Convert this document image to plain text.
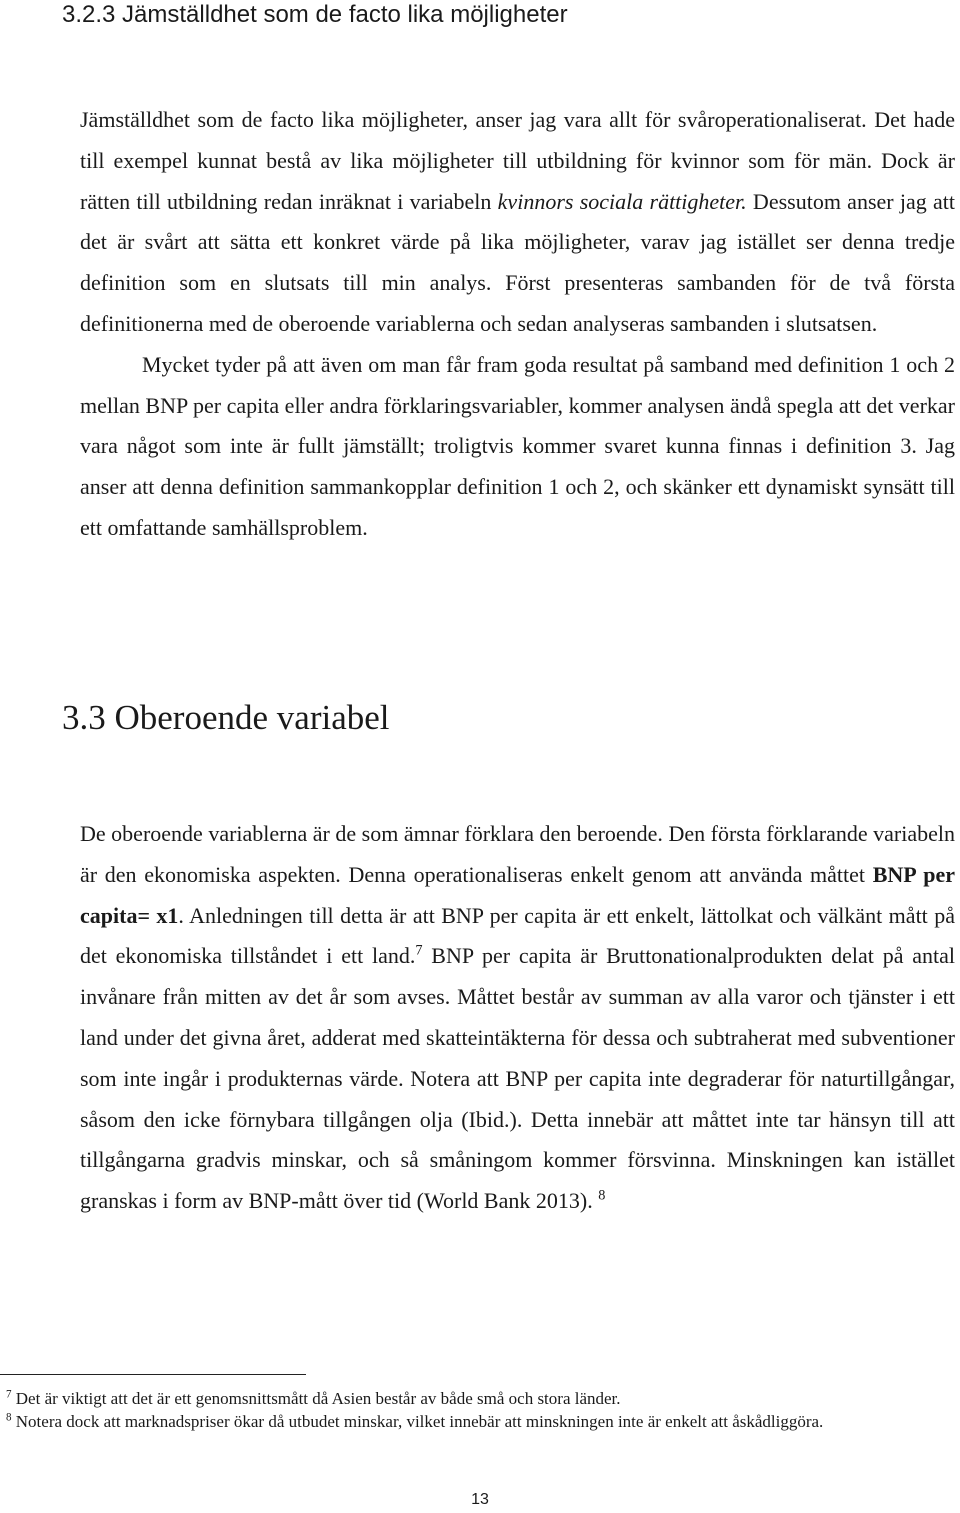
3.2.3 Jämställdhet som de facto lika möjligheter

Jämställdhet som de facto lika möjligheter, anser jag vara allt för svåroperationaliserat. Det hade till exempel kunnat bestå av lika möjligheter till utbildning för kvinnor som för män. Dock är rätten till utbildning redan inräknat i variabeln kvinnors sociala rättigheter. Dessutom anser jag att det är svårt att sätta ett konkret värde på lika möjligheter, varav jag istället ser denna tredje definition som en slutsats till min analys. Först presenteras sambanden för de två första definitionerna med de oberoende variablerna och sedan analyseras sambanden i slutsatsen.
Mycket tyder på att även om man får fram goda resultat på samband med definition 1 och 2 mellan BNP per capita eller andra förklaringsvariabler, kommer analysen ändå spegla att det verkar vara något som inte är fullt jämställt; troligtvis kommer svaret kunna finnas i definition 3. Jag anser att denna definition sammankopplar definition 1 och 2, och skänker ett dynamiskt synsätt till ett omfattande samhällsproblem.

3.3 Oberoende variabel

De oberoende variablerna är de som ämnar förklara den beroende. Den första förklarande variabeln är den ekonomiska aspekten. Denna operationaliseras enkelt genom att använda måttet BNP per capita= x1. Anledningen till detta är att BNP per capita är ett enkelt, lättolkat och välkänt mått på det ekonomiska tillståndet i ett land.$^7$ BNP per capita är Bruttonationalprodukten delat på antal invånare från mitten av det år som avses. Måttet består av summan av alla varor och tjänster i ett land under det givna året, adderat med skatteintäkterna för dessa och subtraherat med subventioner som inte ingår i produkternas värde. Notera att BNP per capita inte degraderar för naturtillgångar, såsom den icke förnybara tillgången olja (Ibid.). Detta innebär att måttet inte tar hänsyn till att tillgångarna gradvis minskar, och så småningom kommer försvinna. Minskningen kan istället granskas i form av BNP-mått över tid (World Bank 2013). $^8$

$^7$ Det är viktigt att det är ett genomsnittsmått då Asien består av både små och stora länder.

$^8$ Notera dock att marknadspriser ökar då utbudet minskar, vilket innebär att minskningen inte är enkelt att åskådliggöra.

13
